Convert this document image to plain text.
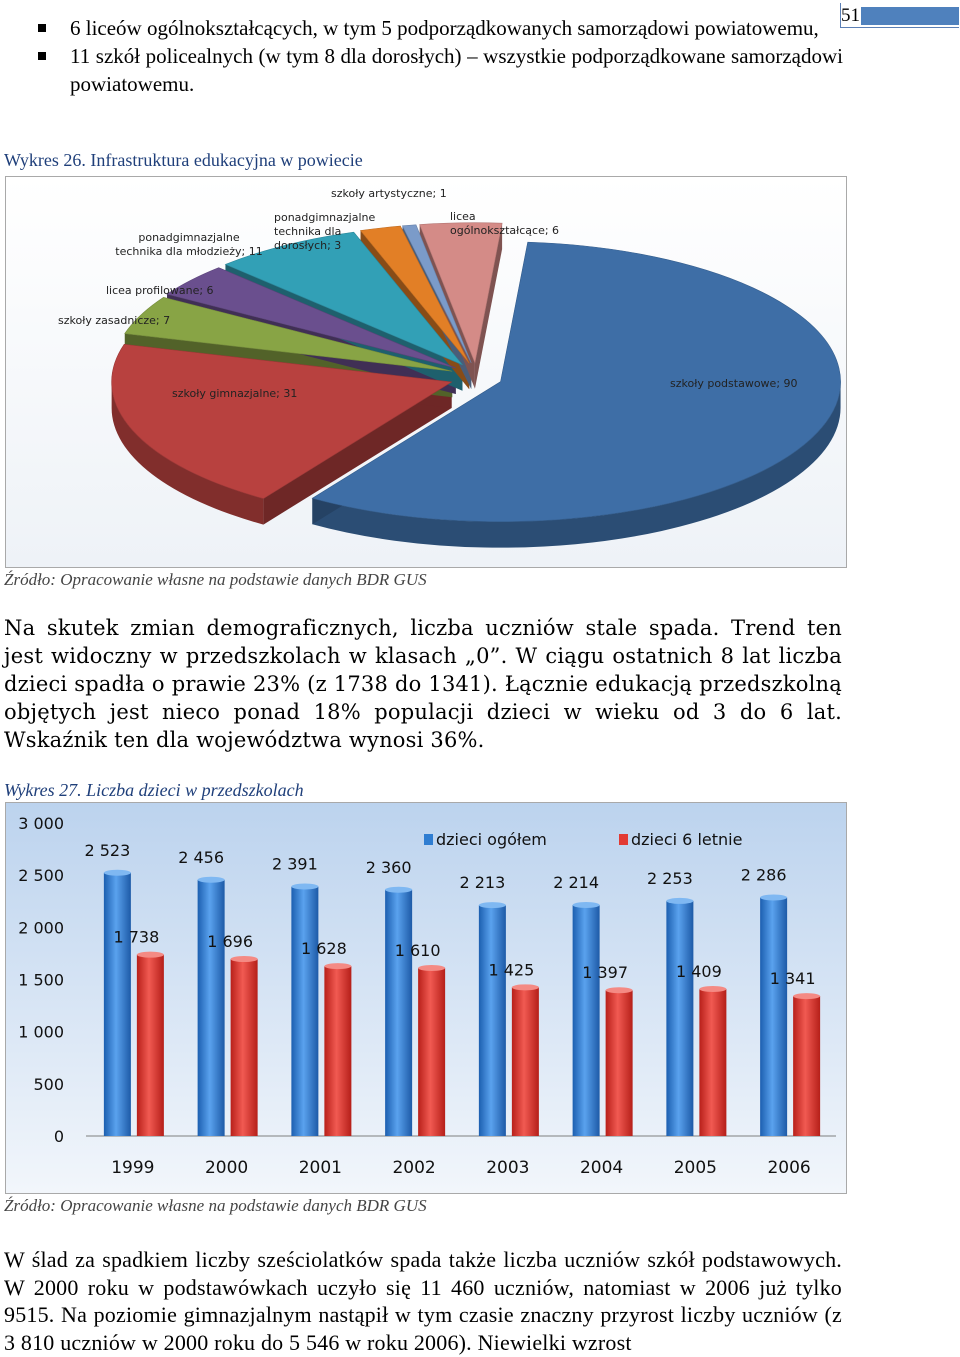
51
6 liceów ogólnokształcących, w tym 5 podporządkowanych samorządowi powiatowemu,
11 szkół policealnych (w tym 8 dla dorosłych) – wszystkie podporządkowane samorządowi powiatowemu.
Wykres 26. Infrastruktura edukacyjna w powiecie
szkoły artystyczne; 1
ponadgimnazjalne technika dla dorosłych; 3
licea ogólnokształcące; 6
ponadgimnazjalne technika dla młodzieży; 11
licea profilowane; 6
szkoły zasadnicze; 7
szkoły gimnazjalne; 31
szkoły podstawowe; 90
Źródło: Opracowanie własne na podstawie danych BDR GUS
Na skutek zmian demograficznych, liczba uczniów stale spada. Trend ten jest widoczny w przedszkolach w klasach „0”. W ciągu ostatnich 8 lat liczba dzieci spadła o prawie 23% (z 1738 do 1341). Łącznie edukacją przedszkolną objętych jest nieco ponad 18% populacji dzieci w wieku od 3 do 6 lat. Wskaźnik ten dla województwa wynosi 36%.
Wykres 27. Liczba dzieci w przedszkolach
0
500
1 000
1 500
2 000
2 500
3 000
1999
2 523
1 738
2000
2 456
1 696
2001
2 391
1 628
2002
2 360
1 610
2003
2 213
1 425
2004
2 214
1 397
2005
2 253
1 409
2006
2 286
1 341
dzieci ogółem	dzieci 6 letnie
Źródło: Opracowanie własne na podstawie danych BDR GUS
W ślad za spadkiem liczby sześciolatków spada także liczba uczniów szkół podstawowych. W 2000 roku w podstawówkach uczyło się 11 460 uczniów, natomiast w 2006 już tylko 9515. Na poziomie gimnazjalnym nastąpił w tym czasie znaczny przyrost liczby uczniów (z 3 810 uczniów w 2000 roku do 5 546 w roku 2006). Niewielki wzrost
